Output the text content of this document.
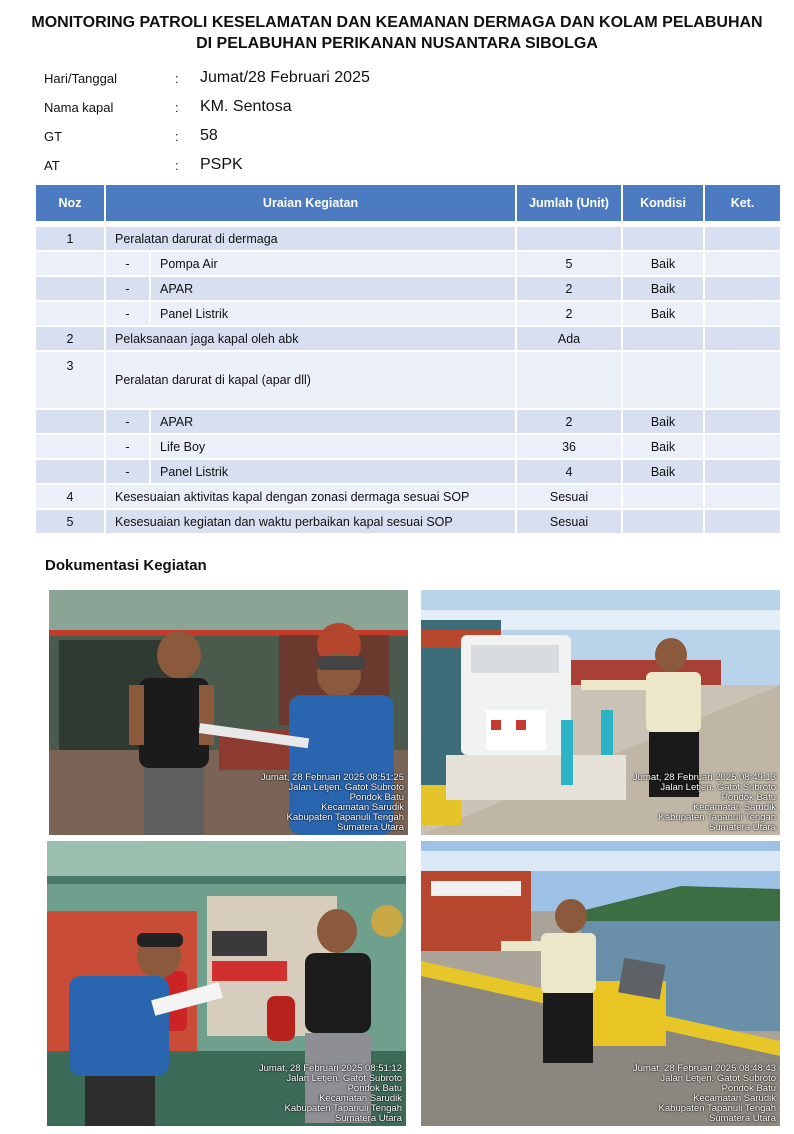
MONITORING PATROLI KESELAMATAN DAN KEAMANAN DERMAGA DAN KOLAM PELABUHAN
DI PELABUHAN PERIKANAN NUSANTARA SIBOLGA
Hari/Tanggal	: Jumat/28 Februari 2025
Nama kapal	: KM. Sentosa
GT	: 58
AT	: PSPK
Noz	Uraian Kegiatan		Jumlah (Unit)	Kondisi	Ket.

1	Peralatan darurat di dermaga				
	-	Pompa Air	5	Baik	
	-	APAR	2	Baik	
	-	Panel Listrik	2	Baik	
2	Pelaksanaan jaga kapal oleh abk		Ada		
3	Peralatan darurat di kapal (apar dll)				
	-	APAR	2	Baik	
	-	Life Boy	36	Baik	
	-	Panel Listrik	4	Baik	
4	Kesesuaian aktivitas kapal dengan zonasi dermaga sesuai SOP		Sesuai		
5	Kesesuaian kegiatan dan waktu perbaikan kapal sesuai SOP		Sesuai		
Dokumentasi Kegiatan
Jumat, 28 Februari 2025 08:51:25
Jalan Letjen. Gatot Subroto
Pondok Batu
Kecamatan Sarudik
Kabupaten Tapanuli Tengah
Sumatera Utara
Jumat, 28 Februari 2025 08:49:13
Jalan Letjen. Gatot Subroto
Pondok Batu
Kecamatan Sarudik
Kabupaten Tapanuli Tengah
Sumatera Utara
Jumat, 28 Februari 2025 08:51:12
Jalan Letjen. Gatot Subroto
Pondok Batu
Kecamatan Sarudik
Kabupaten Tapanuli Tengah
Sumatera Utara
Jumat, 28 Februari 2025 08:48:43
Jalan Letjen. Gatot Subroto
Pondok Batu
Kecamatan Sarudik
Kabupaten Tapanuli Tengah
Sumatera Utara
